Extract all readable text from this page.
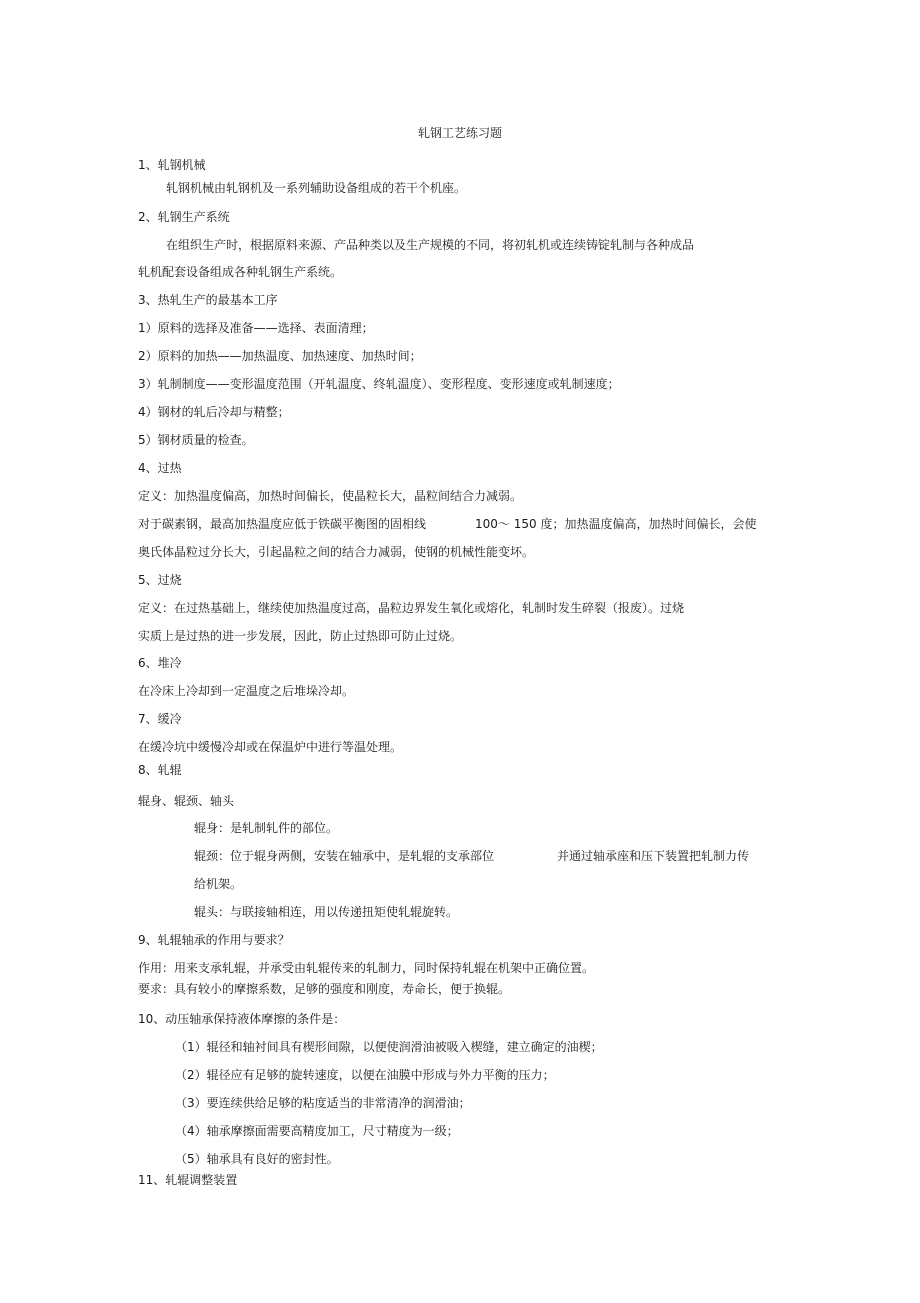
轧钢工艺练习题

1、轧钢机械

轧钢机械由轧钢机及一系列辅助设备组成的若干个机座。

2、轧钢生产系统

在组织生产时，根据原料来源、产品种类以及生产规模的不同，将初轧机或连续铸锭轧制与各种成品

轧机配套设备组成各种轧钢生产系统。

3、热轧生产的最基本工序

1）原料的选择及准备——选择、表面清理；

2）原料的加热——加热温度、加热速度、加热时间；

3）轧制制度——变形温度范围（开轧温度、终轧温度）、变形程度、变形速度或轧制速度；

4）钢材的轧后冷却与精整；

5）钢材质量的检查。

4、过热

定义：加热温度偏高，加热时间偏长，使晶粒长大，晶粒间结合力减弱。

对于碳素钢，最高加热温度应低于铁碳平衡图的固相线	100～ 150 度；加热温度偏高，加热时间偏长，会使

奥氏体晶粒过分长大，引起晶粒之间的结合力减弱，使钢的机械性能变坏。

5、过烧

定义：在过热基础上，继续使加热温度过高，晶粒边界发生氧化或熔化，轧制时发生碎裂（报废）。过烧

实质上是过热的进一步发展，因此，防止过热即可防止过烧。

6、堆冷

在冷床上冷却到一定温度之后堆垛冷却。

7、缓冷

在缓冷坑中缓慢冷却或在保温炉中进行等温处理。

8、轧辊

辊身、辊颈、轴头

辊身：是轧制轧件的部位。

辊颈：位于辊身两侧，安装在轴承中，是轧辊的支承部位	并通过轴承座和压下装置把轧制力传

给机架。

辊头：与联接轴相连，用以传递扭矩使轧辊旋转。

9、轧辊轴承的作用与要求？

作用：用来支承轧辊，并承受由轧辊传来的轧制力，同时保持轧辊在机架中正确位置。

要求：具有较小的摩擦系数，足够的强度和刚度，寿命长，便于换辊。

10、动压轴承保持液体摩擦的条件是：

（1）辊径和轴衬间具有楔形间隙，以便使润滑油被吸入楔缝，建立确定的油楔；

（2）辊径应有足够的旋转速度，以便在油膜中形成与外力平衡的压力；

（3）要连续供给足够的粘度适当的非常清净的润滑油；

（4）轴承摩擦面需要高精度加工，尺寸精度为一级；

（5）轴承具有良好的密封性。

11、轧辊调整装置
